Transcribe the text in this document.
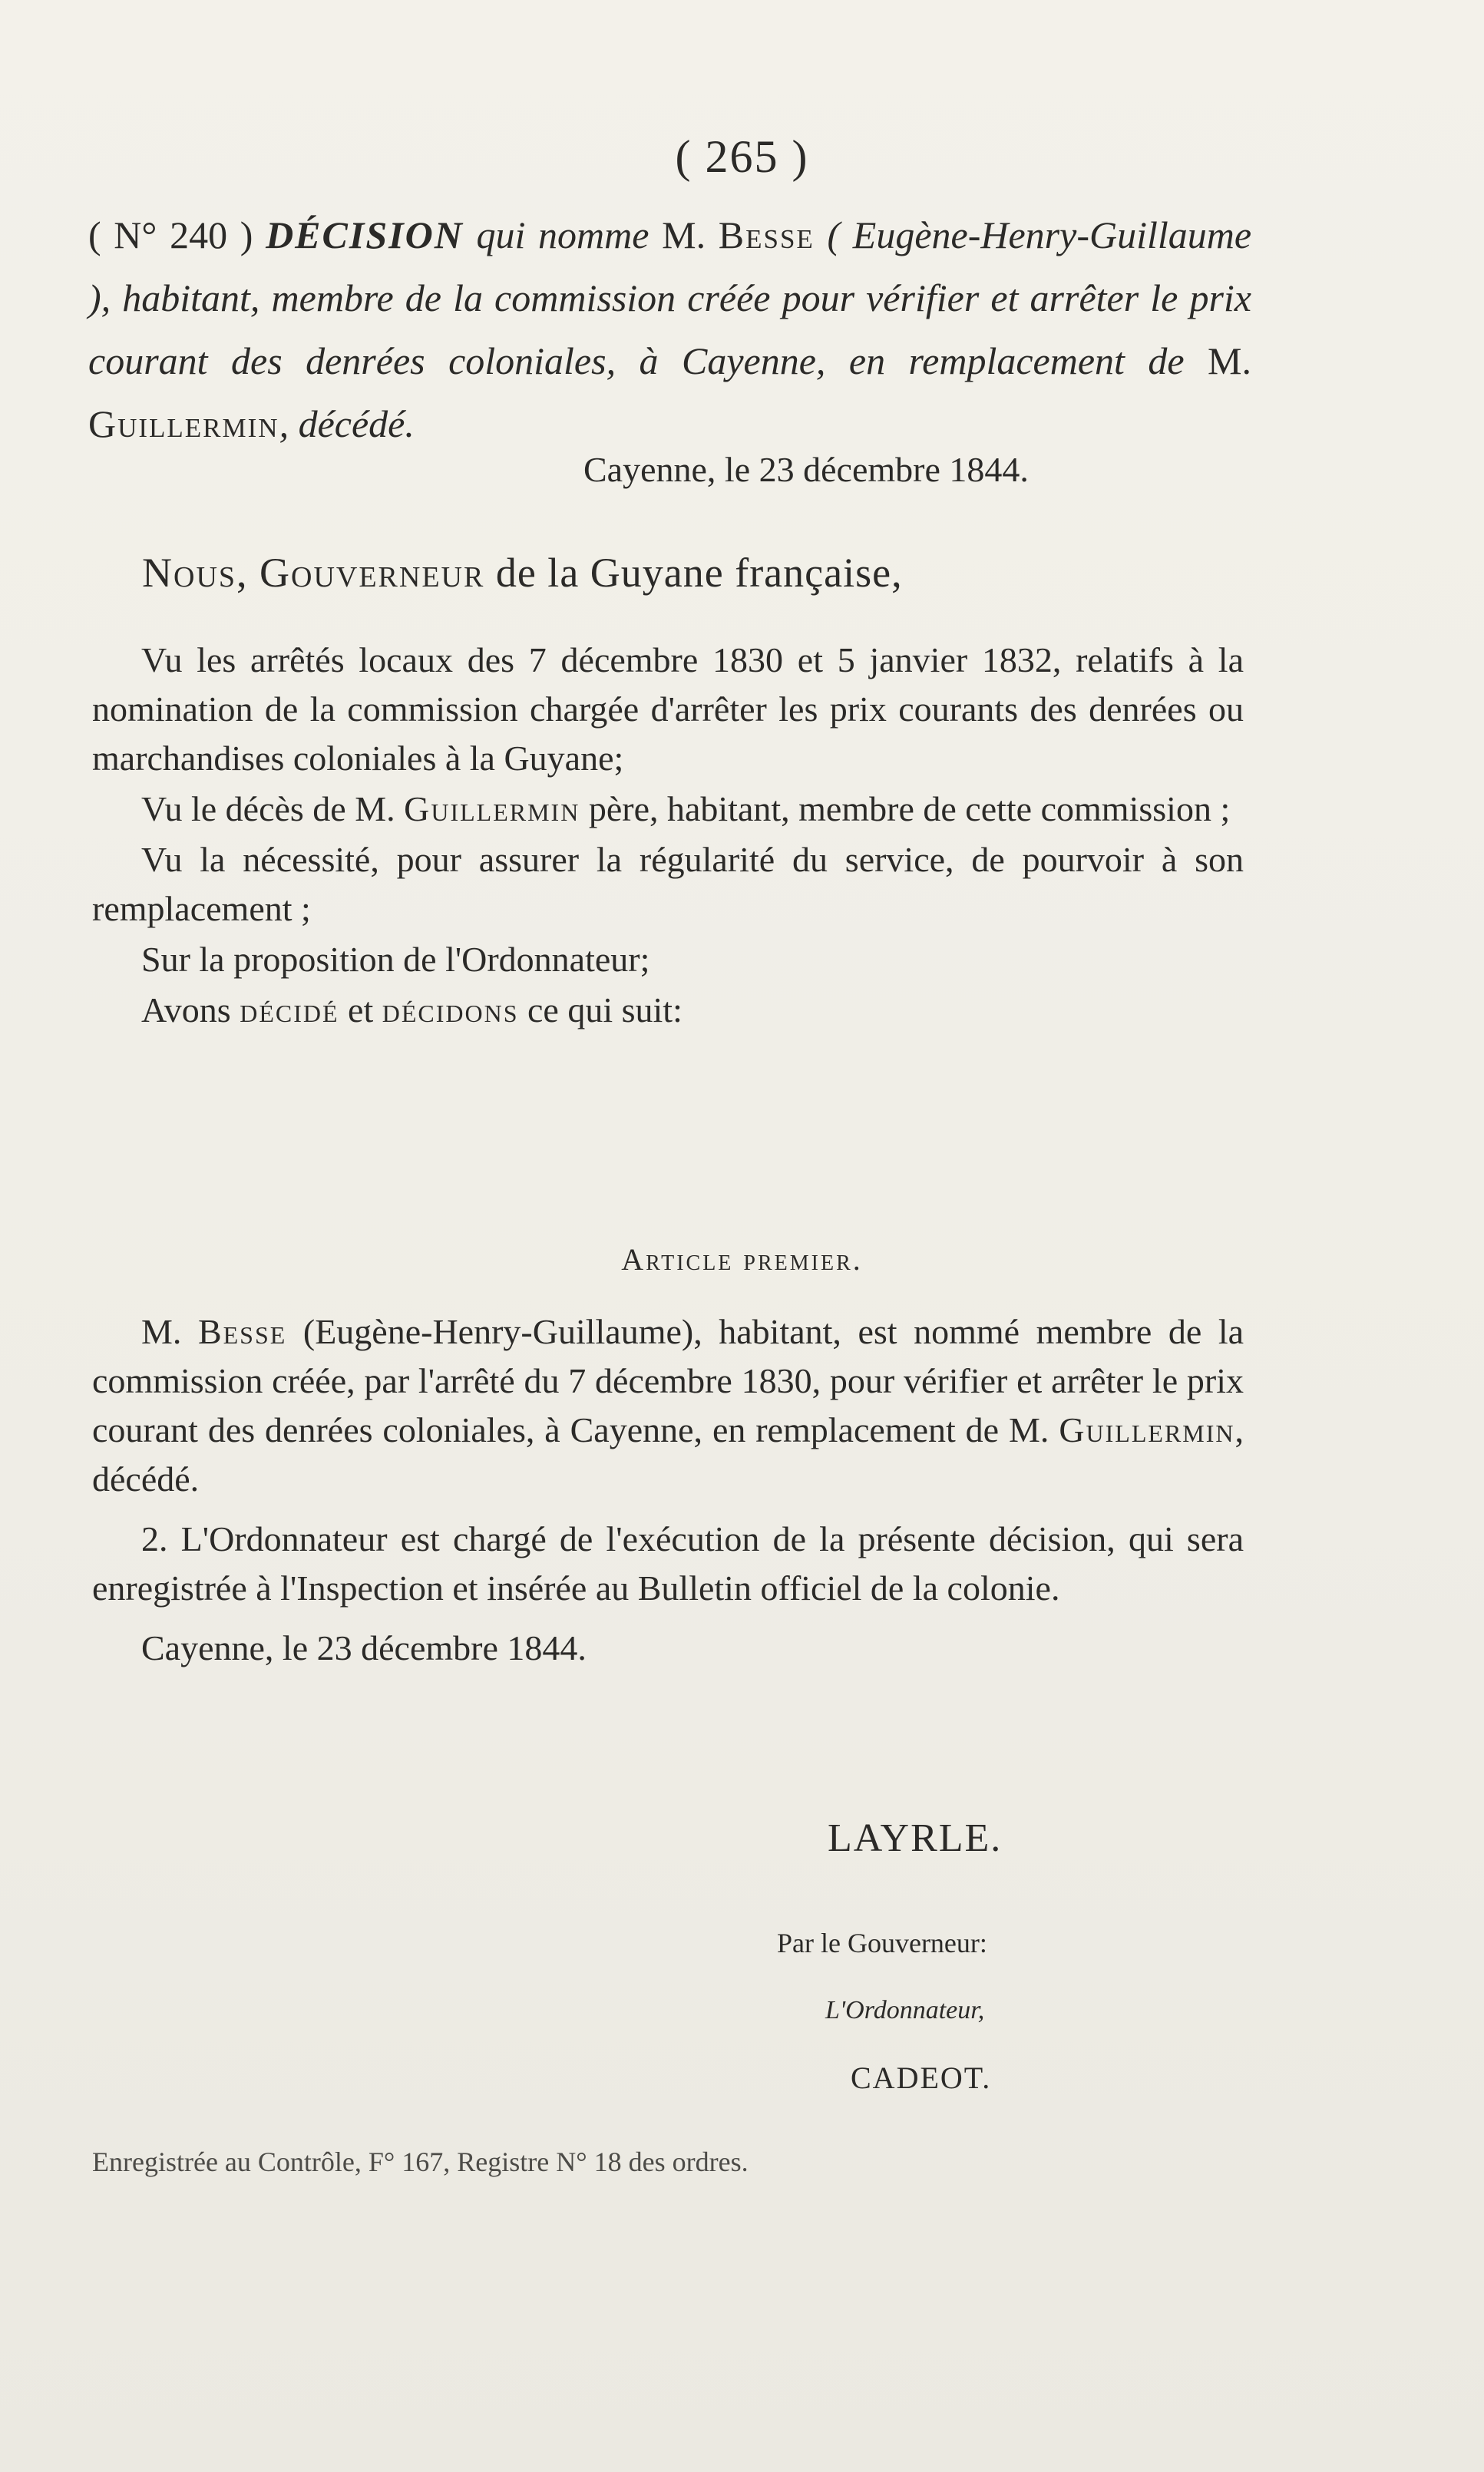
( 265 )
( N° 240 ) DÉCISION qui nomme M. Besse ( Eugène-Henry-Guillaume ), habitant, membre de la commission créée pour vérifier et arrêter le prix courant des denrées coloniales, à Cayenne, en remplacement de M. Guillermin, décédé.
Cayenne, le 23 décembre 1844.
Nous, Gouverneur de la Guyane française,

Vu les arrêtés locaux des 7 décembre 1830 et 5 janvier 1832, relatifs à la nomination de la commission chargée d'arrêter les prix courants des denrées ou marchandises coloniales à la Guyane;

Vu le décès de M. Guillermin père, habitant, membre de cette commission ;

Vu la nécessité, pour assurer la régularité du service, de pourvoir à son remplacement ;

Sur la proposition de l'Ordonnateur;

Avons décidé et décidons ce qui suit:

Article premier.

M. Besse (Eugène-Henry-Guillaume), habitant, est nommé membre de la commission créée, par l'arrêté du 7 décembre 1830, pour vérifier et arrêter le prix courant des denrées coloniales, à Cayenne, en remplacement de M. Guillermin, décédé.

2. L'Ordonnateur est chargé de l'exécution de la présente décision, qui sera enregistrée à l'Inspection et insérée au Bulletin officiel de la colonie.

Cayenne, le 23 décembre 1844.

LAYRLE.
Par le Gouverneur:
L'Ordonnateur,
CADEOT.
Enregistrée au Contrôle, F° 167, Registre N° 18 des ordres.
